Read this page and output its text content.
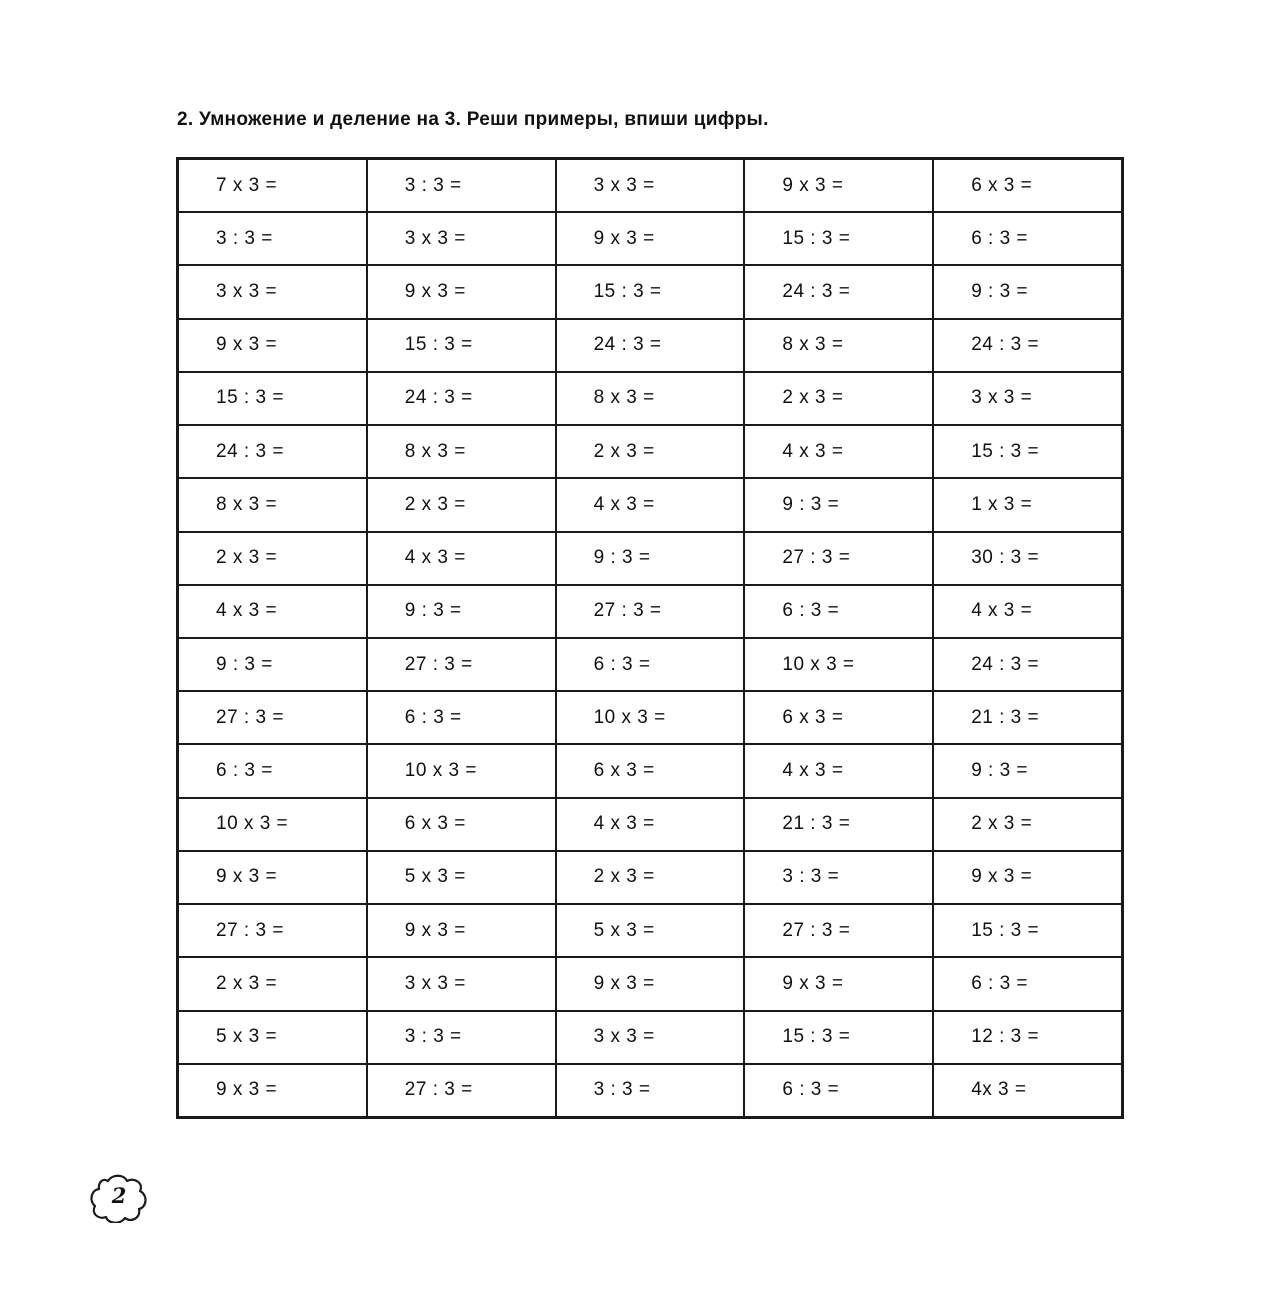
2. Умножение и деление на 3. Реши примеры, впиши цифры.
7 x 3 =	3 : 3 =	3 x 3 =	9 x 3 =	6 x 3 =
3 : 3 =	3 x 3 =	9 x 3 =	15 : 3 =	6 : 3 =
3 x 3 =	9 x 3 =	15 : 3 =	24 : 3 =	9 : 3 =
9 x 3 =	15 : 3 =	24 : 3 =	8 x 3 =	24 : 3 =
15 : 3 =	24 : 3 =	8 x 3 =	2 x 3 =	3 x 3 =
24 : 3 =	8 x 3 =	2 x 3 =	4 x 3 =	15 : 3 =
8 x 3 =	2 x 3 =	4 x 3 =	9 : 3 =	1 x 3 =
2 x 3 =	4 x 3 =	9 : 3 =	27 : 3 =	30 : 3 =
4 x 3 =	9 : 3 =	27 : 3 =	6 : 3 =	4 x 3 =
9 : 3 =	27 : 3 =	6 : 3 =	10 x 3 =	24 : 3 =
27 : 3 =	6 : 3 =	10 x 3 =	6 x 3 =	21 : 3 =
6 : 3 =	10 x 3 =	6 x 3 =	4 x 3 =	9 : 3 =
10 x 3 =	6 x 3 =	4 x 3 =	21 : 3 =	2 x 3 =
9 x 3 =	5 x 3 =	2 x 3 =	3 : 3 =	9 x 3 =
27 : 3 =	9 x 3 =	5 x 3 =	27 : 3 =	15 : 3 =
2 x 3 =	3 x 3 =	9 x 3 =	9 x 3 =	6 : 3 =
5 x 3 =	3 : 3 =	3 x 3 =	15 : 3 =	12 : 3 =
9 x 3 =	27 : 3 =	3 : 3 =	6 : 3 =	4x 3 =
2
